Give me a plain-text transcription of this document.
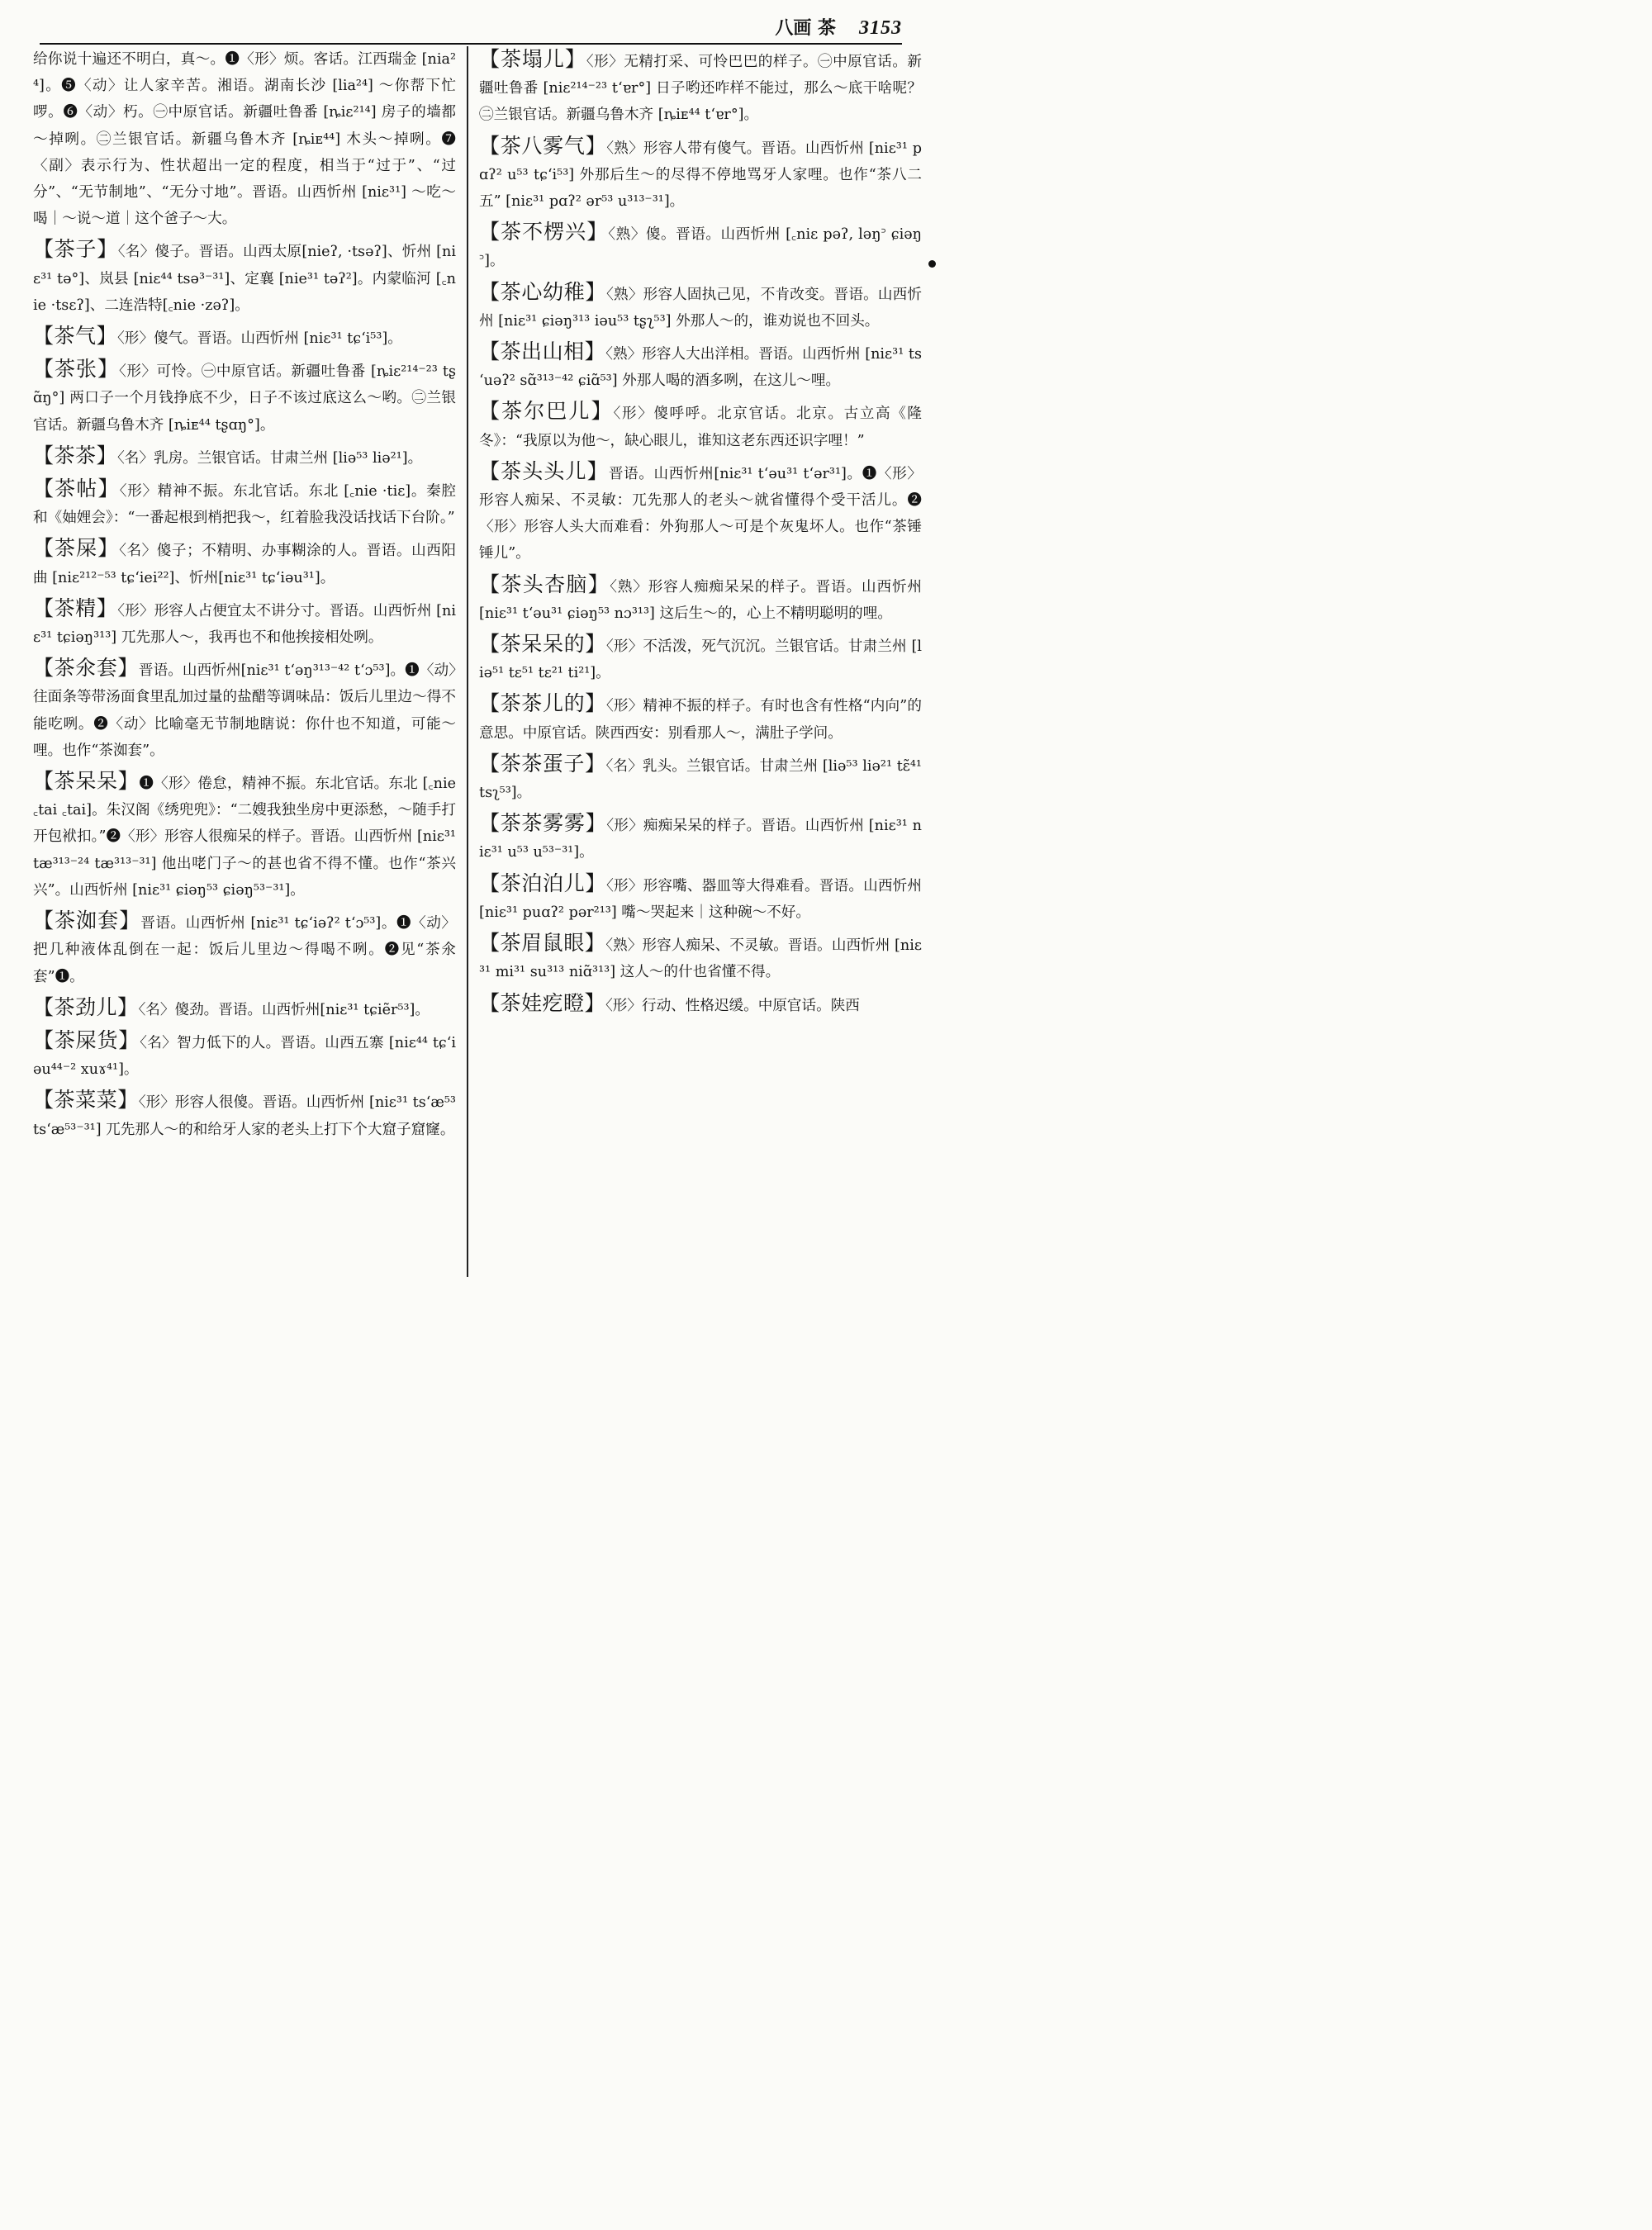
八画 茶 3153

给你说十遍还不明白，真～。❶〈形〉烦。客话。江西瑞金 [nia²⁴]。❺〈动〉让人家辛苦。湘语。湖南长沙 [lia²⁴] ～你帮下忙啰。❻〈动〉朽。㊀中原官话。新疆吐鲁番 [ȵiɛ²¹⁴] 房子的墙都～掉咧。㊁兰银官话。新疆乌鲁木齐 [ȵiᴇ⁴⁴] 木头～掉咧。❼〈副〉表示行为、性状超出一定的程度，相当于“过于”、“过分”、“无节制地”、“无分寸地”。晋语。山西忻州 [niɛ³¹] ～吃～喝｜～说～道｜这个爸子～大。

【茶子】〈名〉傻子。晋语。山西太原[nieʔ, ·tsəʔ]、忻州 [niɛ³¹ tə°]、岚县 [niɛ⁴⁴ tsə³⁻³¹]、定襄 [nie³¹ təʔ²]。内蒙临河 [꜀nie ·tsɛʔ]、二连浩特[꜀nie ·zəʔ]。

【茶气】〈形〉傻气。晋语。山西忻州 [niɛ³¹ tɕʻi⁵³]。

【茶张】〈形〉可怜。㊀中原官话。新疆吐鲁番 [ȵiɛ²¹⁴⁻²³ tʂɑ̃ŋ°] 两口子一个月钱挣底不少，日子不该过底这么～哟。㊁兰银官话。新疆乌鲁木齐 [ȵiᴇ⁴⁴ tʂɑŋ°]。

【茶茶】〈名〉乳房。兰银官话。甘肃兰州 [liə⁵³ liə²¹]。

【茶帖】〈形〉精神不振。东北官话。东北 [꜀nie ·tiɛ]。秦腔和《妯娌会》：“一番起根到梢把我～，红着脸我没话找话下台阶。”

【茶屎】〈名〉傻子；不精明、办事糊涂的人。晋语。山西阳曲 [niɛ²¹²⁻⁵³ tɕʻiei²²]、忻州[niɛ³¹ tɕʻiəu³¹]。

【茶精】〈形〉形容人占便宜太不讲分寸。晋语。山西忻州 [niɛ³¹ tɕiəŋ³¹³] 兀先那人～，我再也不和他挨接相处咧。

【茶氽套】晋语。山西忻州[niɛ³¹ tʻəŋ³¹³⁻⁴² tʻɔ⁵³]。❶〈动〉往面条等带汤面食里乱加过量的盐醋等调味品：饭后儿里边～得不能吃咧。❷〈动〉比喻毫无节制地瞎说：你什也不知道，可能～哩。也作“茶洳套”。

【茶呆呆】❶〈形〉倦怠，精神不振。东北官话。东北 [꜀nie ꜀tai ꜀tai]。朱汉阁《绣兜兜》：“二嫂我独坐房中更添愁，～随手打开包袱扣。”❷〈形〉形容人很痴呆的样子。晋语。山西忻州 [niɛ³¹ tæ³¹³⁻²⁴ tæ³¹³⁻³¹] 他出咾门子～的甚也省不得不懂。也作“茶兴兴”。山西忻州 [niɛ³¹ ɕiəŋ⁵³ ɕiəŋ⁵³⁻³¹]。

【茶洳套】晋语。山西忻州 [niɛ³¹ tɕʻiəʔ² tʻɔ⁵³]。❶〈动〉把几种液体乱倒在一起：饭后儿里边～得喝不咧。❷见“茶氽套”❶。

【茶劲儿】〈名〉傻劲。晋语。山西忻州[niɛ³¹ tɕiẽr⁵³]。

【茶屎货】〈名〉智力低下的人。晋语。山西五寨 [niɛ⁴⁴ tɕʻiəu⁴⁴⁻² xuɤ⁴¹]。

【茶菜菜】〈形〉形容人很傻。晋语。山西忻州 [niɛ³¹ tsʻæ⁵³ tsʻæ⁵³⁻³¹] 兀先那人～的和给牙人家的老头上打下个大窟子窟窿。

【茶塌儿】〈形〉无精打采、可怜巴巴的样子。㊀中原官话。新疆吐鲁番 [niɛ²¹⁴⁻²³ tʻɐr°] 日子哟还咋样不能过，那么～底干啥呢？㊁兰银官话。新疆乌鲁木齐 [ȵiᴇ⁴⁴ tʻɐr°]。

【茶八雾气】〈熟〉形容人带有傻气。晋语。山西忻州 [niɛ³¹ pɑʔ² u⁵³ tɕʻi⁵³] 外那后生～的尽得不停地骂牙人家哩。也作“茶八二五” [niɛ³¹ pɑʔ² ər⁵³ u³¹³⁻³¹]。

【茶不楞兴】〈熟〉傻。晋语。山西忻州 [꜀niɛ pəʔ, ləŋ꜄ ɕiəŋ꜄]。

【茶心幼稚】〈熟〉形容人固执己见，不肯改变。晋语。山西忻州 [niɛ³¹ ɕiəŋ³¹³ iəu⁵³ tʂʅ⁵³] 外那人～的，谁劝说也不回头。

【茶出山相】〈熟〉形容人大出洋相。晋语。山西忻州 [niɛ³¹ tsʻuəʔ² sɑ̃³¹³⁻⁴² ɕiɑ̃⁵³] 外那人喝的酒多咧，在这儿～哩。

【茶尔巴儿】〈形〉傻呼呼。北京官话。北京。古立高《隆冬》：“我原以为他～，缺心眼儿，谁知这老东西还识字哩！”

【茶头头儿】晋语。山西忻州[niɛ³¹ tʻəu³¹ tʻər³¹]。❶〈形〉形容人痴呆、不灵敏：兀先那人的老头～就省懂得个受干活儿。❷〈形〉形容人头大而难看：外狗那人～可是个灰鬼坏人。也作“茶锤锤儿”。

【茶头杏脑】〈熟〉形容人痴痴呆呆的样子。晋语。山西忻州 [niɛ³¹ tʻəu³¹ ɕiəŋ⁵³ nɔ³¹³] 这后生～的，心上不精明聪明的哩。

【茶呆呆的】〈形〉不活泼，死气沉沉。兰银官话。甘肃兰州 [liə⁵¹ tɛ⁵¹ tɛ²¹ ti²¹]。

【茶茶儿的】〈形〉精神不振的样子。有时也含有性格“内向”的意思。中原官话。陕西西安：别看那人～，满肚子学问。

【茶茶蛋子】〈名〉乳头。兰银官话。甘肃兰州 [liə⁵³ liə²¹ tɛ̃⁴¹ tsʅ⁵³]。

【茶茶雾雾】〈形〉痴痴呆呆的样子。晋语。山西忻州 [niɛ³¹ niɛ³¹ u⁵³ u⁵³⁻³¹]。

【茶泊泊儿】〈形〉形容嘴、器皿等大得难看。晋语。山西忻州 [niɛ³¹ puɑʔ² pər²¹³] 嘴～哭起来｜这种碗～不好。

【茶眉鼠眼】〈熟〉形容人痴呆、不灵敏。晋语。山西忻州 [niɛ³¹ mi³¹ su³¹³ niɑ̃³¹³] 这人～的什也省懂不得。

【茶娃疙瞪】〈形〉行动、性格迟缓。中原官话。陕西
